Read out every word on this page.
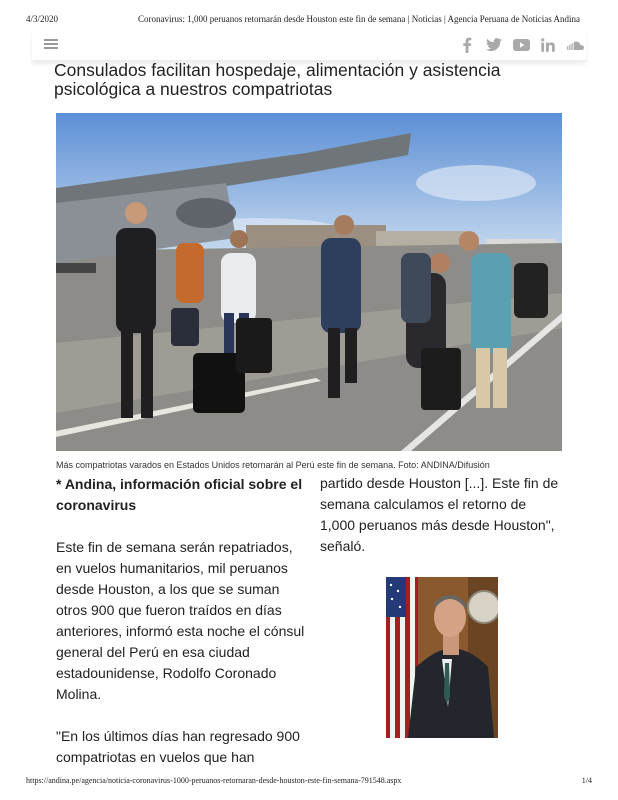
4/3/2020	Coronavirus: 1,000 peruanos retornarán desde Houston este fin de semana | Noticias | Agencia Peruana de Noticias Andina
Consulados facilitan hospedaje, alimentación y asistencia psicológica a nuestros compatriotas
Más compatriotas varados en Estados Unidos retornarán al Perú este fin de semana. Foto: ANDINA/Difusión
* Andina, información oficial sobre el coronavirus

Este fin de semana serán repatriados, en vuelos humanitarios, mil peruanos desde Houston, a los que se suman otros 900 que fueron traídos en días anteriores, informó esta noche el cónsul general del Perú en esa ciudad estadounidense, Rodolfo Coronado Molina.

"En los últimos días han regresado 900 compatriotas en vuelos que han

partido desde Houston [...]. Este fin de semana calculamos el retorno de 1,000 peruanos más desde Houston", señaló.

https://andina.pe/agencia/noticia-coronavirus-1000-peruanos-retornaran-desde-houston-este-fin-semana-791548.aspx	1/4
